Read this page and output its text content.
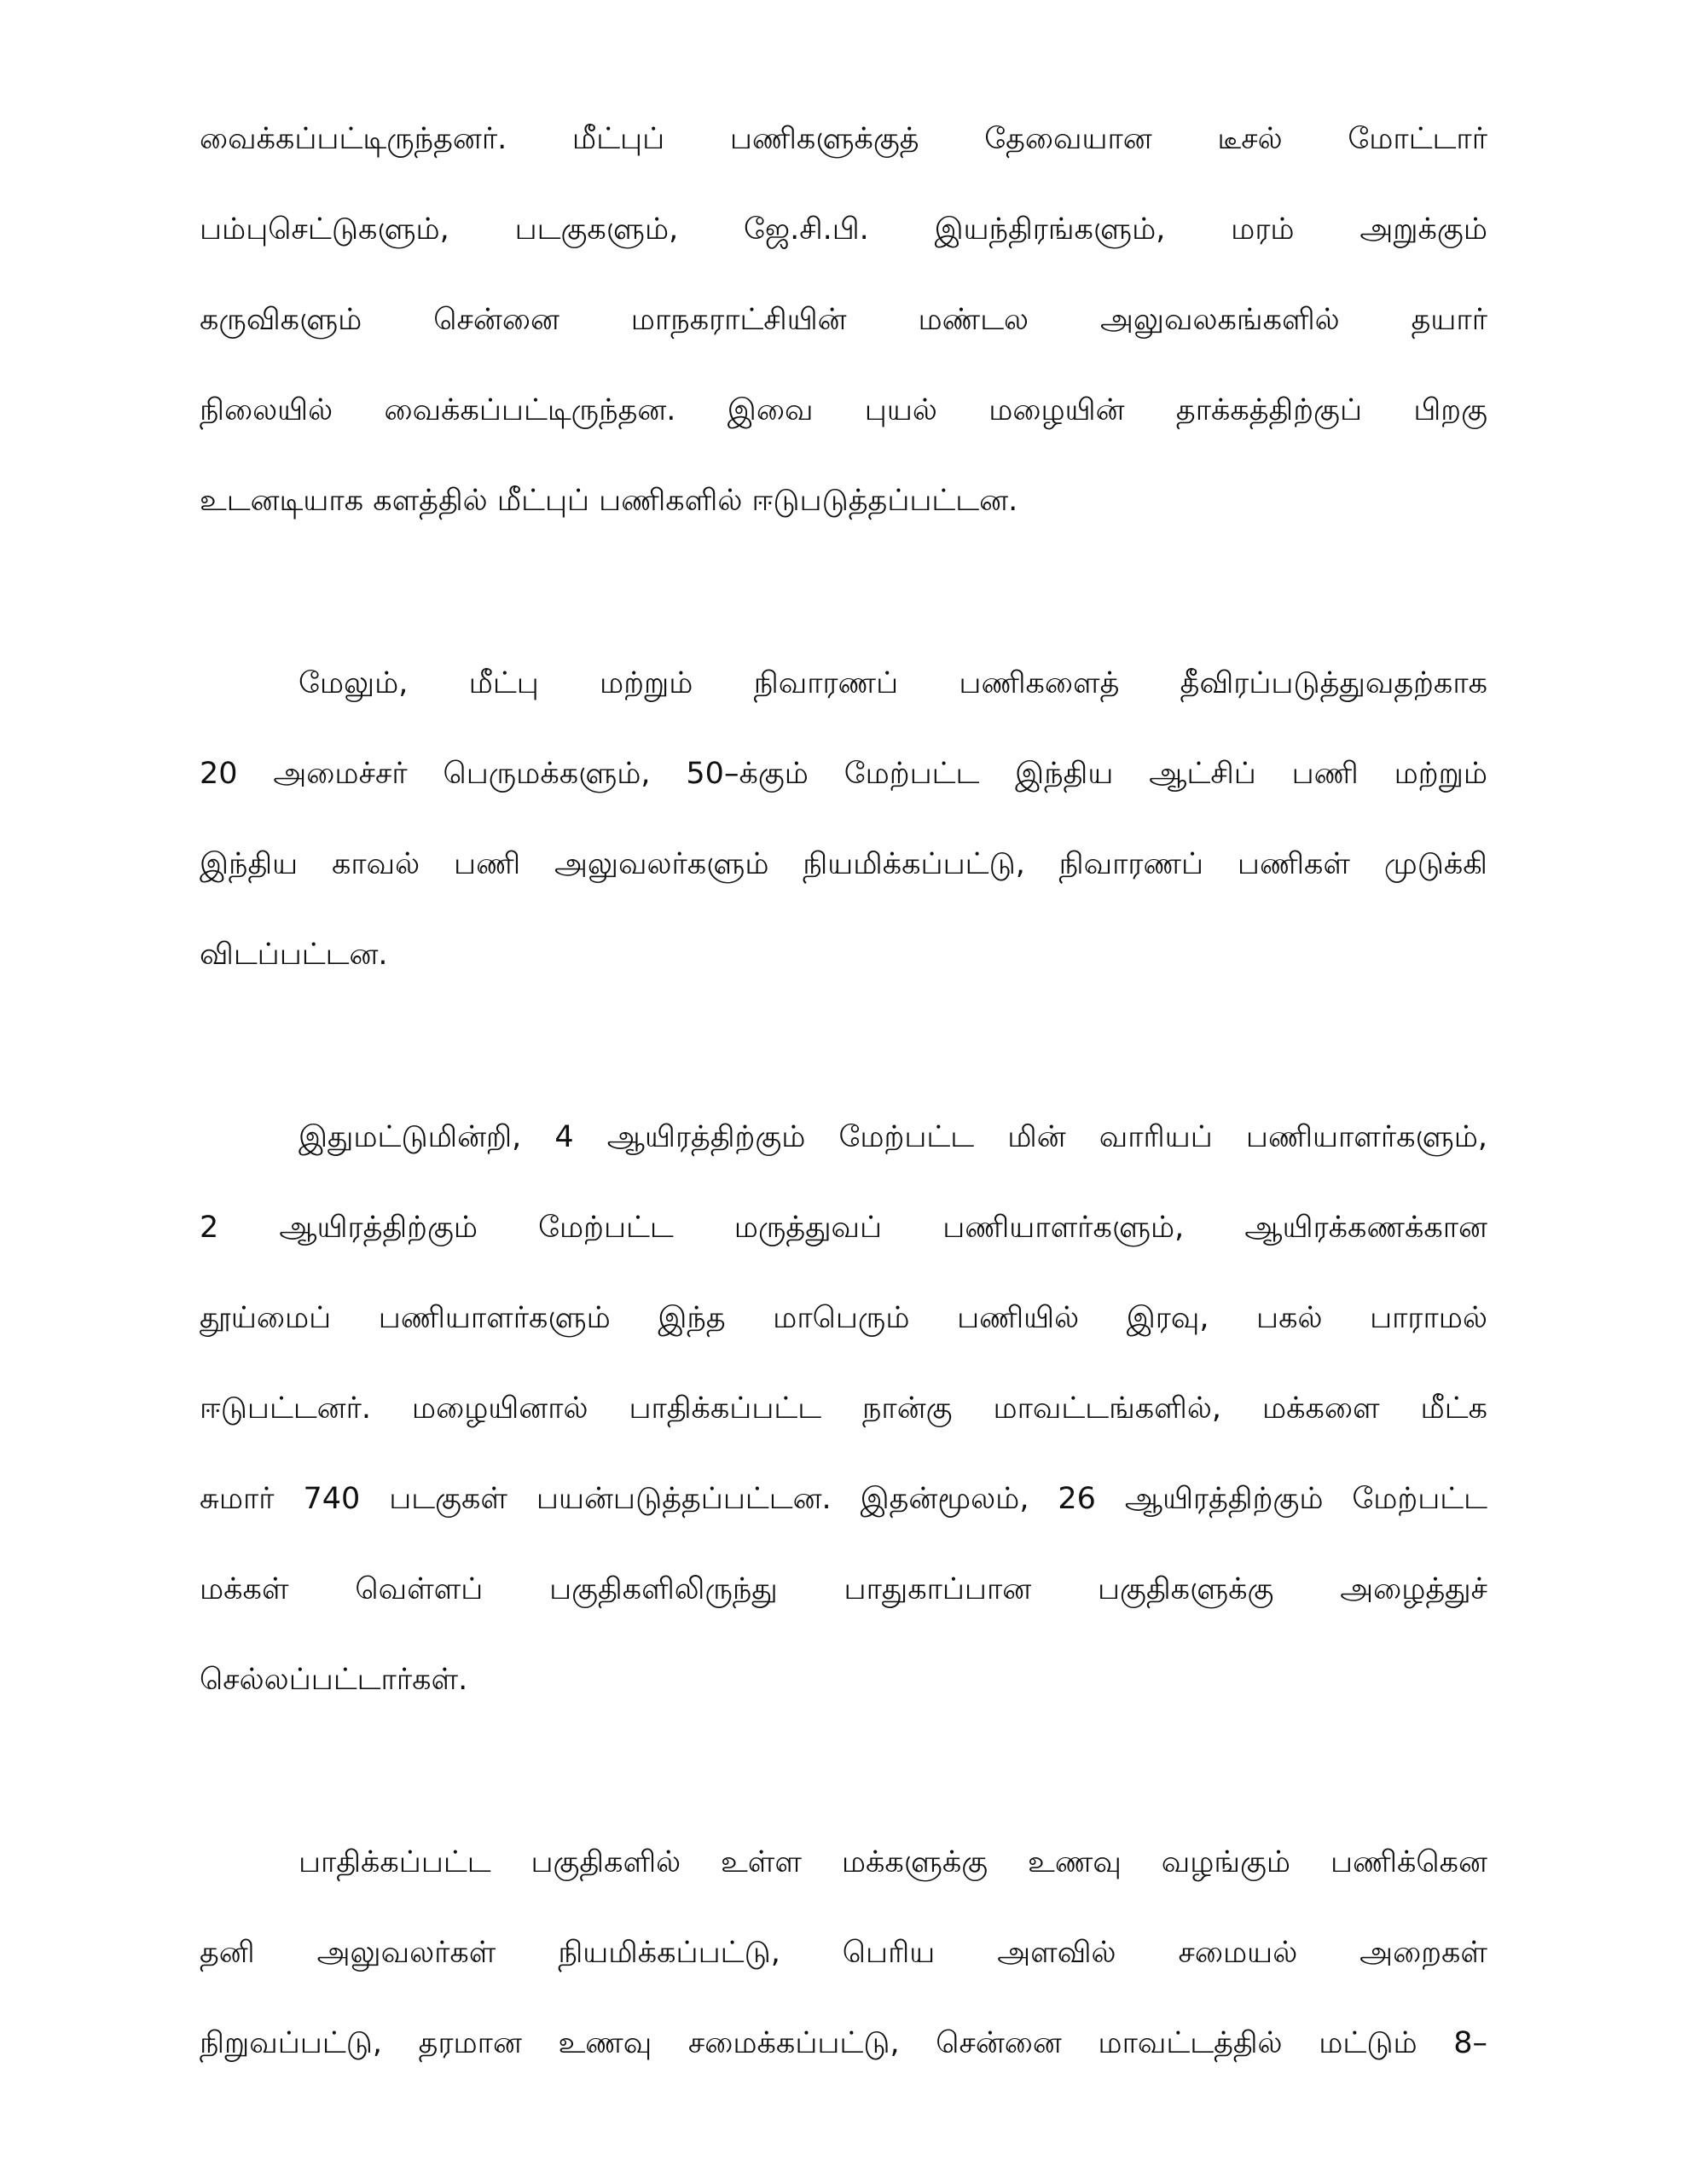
வைக்கப்பட்டிருந்தனர். மீட்புப் பணிகளுக்குத் தேவையான டீசல் மோட்டார்
பம்புசெட்டுகளும், படகுகளும், ஜே.சி.பி. இயந்திரங்களும், மரம் அறுக்கும்
கருவிகளும் சென்னை மாநகராட்சியின் மண்டல அலுவலகங்களில் தயார்
நிலையில் வைக்கப்பட்டிருந்தன. இவை புயல் மழையின் தாக்கத்திற்குப் பிறகு
உடனடியாக களத்தில் மீட்புப் பணிகளில் ஈடுபடுத்தப்பட்டன.
மேலும், மீட்பு மற்றும் நிவாரணப் பணிகளைத் தீவிரப்படுத்துவதற்காக
20 அமைச்சர் பெருமக்களும், 50–க்கும் மேற்பட்ட இந்திய ஆட்சிப் பணி மற்றும்
இந்திய காவல் பணி அலுவலர்களும் நியமிக்கப்பட்டு, நிவாரணப் பணிகள் முடுக்கி
விடப்பட்டன.
இதுமட்டுமின்றி, 4 ஆயிரத்திற்கும் மேற்பட்ட மின் வாரியப் பணியாளர்களும்,
2 ஆயிரத்திற்கும் மேற்பட்ட மருத்துவப் பணியாளர்களும், ஆயிரக்கணக்கான
தூய்மைப் பணியாளர்களும் இந்த மாபெரும் பணியில் இரவு, பகல் பாராமல்
ஈடுபட்டனர். மழையினால் பாதிக்கப்பட்ட நான்கு மாவட்டங்களில், மக்களை மீட்க
சுமார் 740 படகுகள் பயன்படுத்தப்பட்டன. இதன்மூலம், 26 ஆயிரத்திற்கும் மேற்பட்ட
மக்கள் வெள்ளப் பகுதிகளிலிருந்து பாதுகாப்பான பகுதிகளுக்கு அழைத்துச்
செல்லப்பட்டார்கள்.
பாதிக்கப்பட்ட பகுதிகளில் உள்ள மக்களுக்கு உணவு வழங்கும் பணிக்கென
தனி அலுவலர்கள் நியமிக்கப்பட்டு, பெரிய அளவில் சமையல் அறைகள்
நிறுவப்பட்டு, தரமான உணவு சமைக்கப்பட்டு, சென்னை மாவட்டத்தில் மட்டும் 8–
